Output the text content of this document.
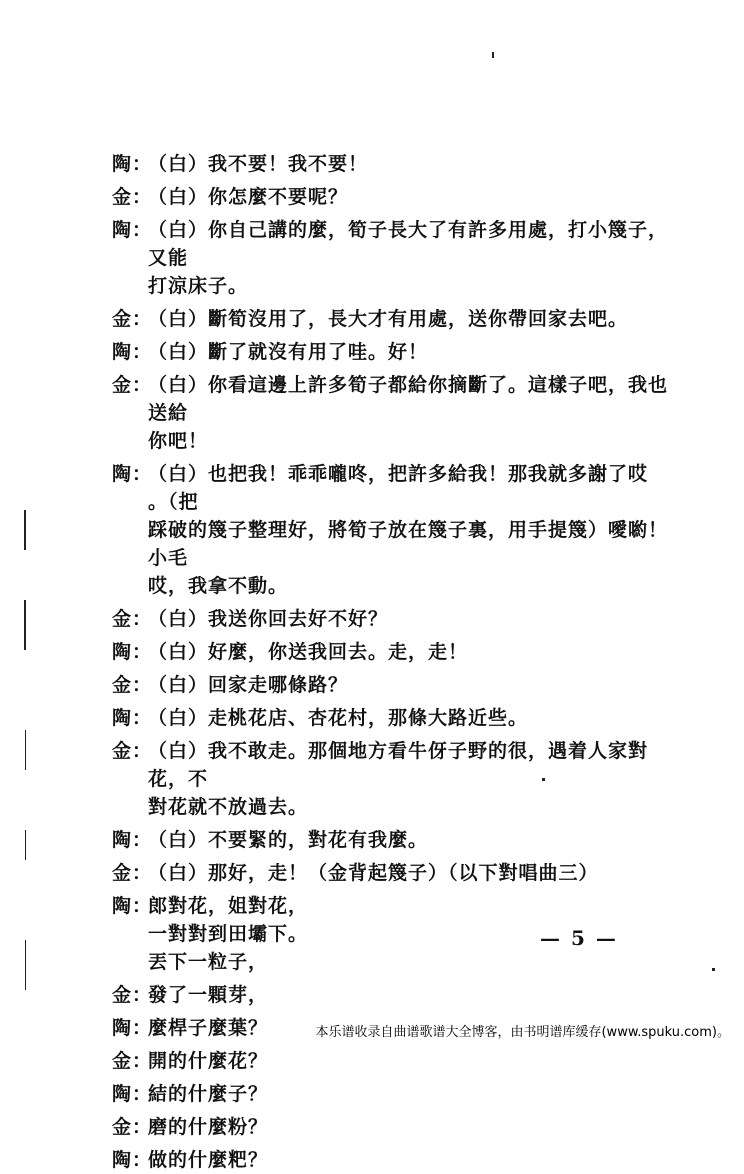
陶：
（白）我不要！我不要！
金：
（白）你怎麼不要呢？
陶：
（白）你自己講的麼，筍子長大了有許多用處，打小篾子，又能
打涼床子。
金：
（白）斷筍沒用了，長大才有用處，送你帶回家去吧。
陶：
（白）斷了就沒有用了哇。好！
金：
（白）你看這邊上許多筍子都給你摘斷了。這樣子吧，我也送給
你吧！
陶：
（白）也把我！乖乖嚨咚，把許多給我！那我就多謝了哎 。（把
踩破的篾子整理好，將筍子放在篾子裏，用手提篾）噯喲！小毛
哎，我拿不動。
金：
（白）我送你回去好不好？
陶：
（白）好麼，你送我回去。走，走！
金：
（白）回家走哪條路？
陶：
（白）走桃花店、杏花村，那條大路近些。
金：
（白）我不敢走。那個地方看牛伢子野的很，遇着人家對花，不
對花就不放過去。
陶：
（白）不要緊的，對花有我麼。
金：
（白）那好，走！（金背起篾子）（以下對唱曲三）
陶：
郎對花，姐對花，
一對對到田壩下。
丟下一粒子，
金：
發了一顆芽，
陶：
麼桿子麼葉？
金：
開的什麼花？
陶：
結的什麼子？
金：
磨的什麼粉？
陶：
做的什麼粑？
— 5 —
本乐谱收录自曲谱歌谱大全博客，由书明谱库缓存(www.spuku.com)。
